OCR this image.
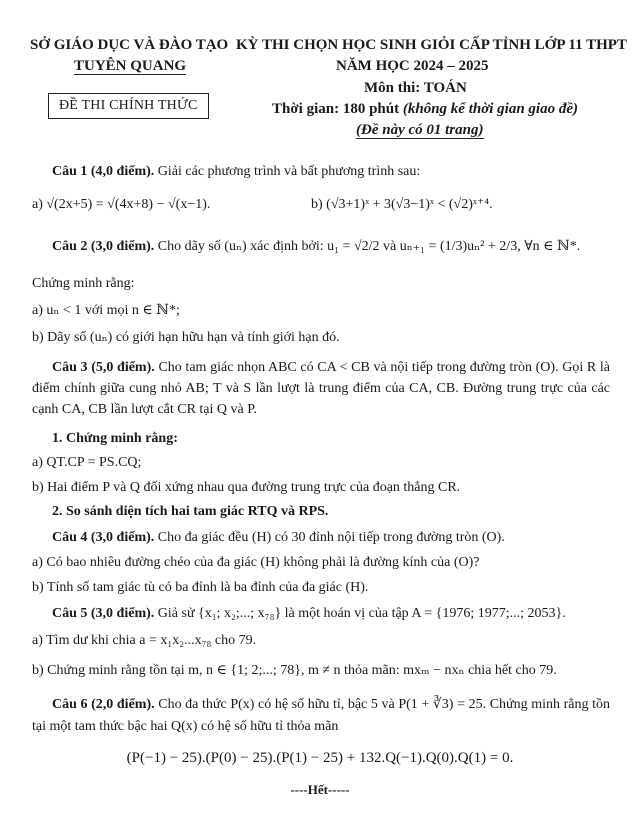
SỞ GIÁO DỤC VÀ ĐÀO TẠO
TUYÊN QUANG
ĐỀ THI CHÍNH THỨC
KỲ THI CHỌN HỌC SINH GIỎI CẤP TỈNH LỚP 11 THPT
NĂM HỌC 2024 – 2025
Môn thi: TOÁN
Thời gian: 180 phút (không kể thời gian giao đề)
(Đề này có 01 trang)
Câu 1 (4,0 điểm). Giải các phương trình và bất phương trình sau:
a) √(2x+5) = √(4x+8) − √(x−1).	b) (√3+1)ˣ + 3(√3−1)ˣ < (√2)ˣ⁺⁴.
Câu 2 (3,0 điểm). Cho dãy số (uₙ) xác định bởi: u₁ = √2/2 và uₙ₊₁ = (1/3)uₙ² + 2/3, ∀n ∈ ℕ*.
Chứng minh rằng:
a) uₙ < 1 với mọi n ∈ ℕ*;
b) Dãy số (uₙ) có giới hạn hữu hạn và tính giới hạn đó.
Câu 3 (5,0 điểm). Cho tam giác nhọn ABC có CA < CB và nội tiếp trong đường tròn (O). Gọi R là điểm chính giữa cung nhỏ AB; T và S lần lượt là trung điểm của CA, CB. Đường trung trực của các cạnh CA, CB lần lượt cắt CR tại Q và P.
1. Chứng minh rằng:
a) QT.CP = PS.CQ;
b) Hai điểm P và Q đối xứng nhau qua đường trung trực của đoạn thẳng CR.
2. So sánh diện tích hai tam giác RTQ và RPS.
Câu 4 (3,0 điểm). Cho đa giác đều (H) có 30 đỉnh nội tiếp trong đường tròn (O).
a) Có bao nhiêu đường chéo của đa giác (H) không phải là đường kính của (O)?
b) Tính số tam giác tù có ba đỉnh là ba đỉnh của đa giác (H).
Câu 5 (3,0 điểm). Giả sử {x₁; x₂;...; x₇₈} là một hoán vị của tập A = {1976; 1977;...; 2053}.
a) Tìm dư khi chia a = x₁x₂...x₇₈ cho 79.
b) Chứng minh rằng tồn tại m, n ∈ {1; 2;...; 78}, m ≠ n thỏa mãn: mxₘ − nxₙ chia hết cho 79.
Câu 6 (2,0 điểm). Cho đa thức P(x) có hệ số hữu tỉ, bậc 5 và P(1 + ∛3) = 25. Chứng minh rằng tồn tại một tam thức bậc hai Q(x) có hệ số hữu tỉ thỏa mãn
(P(−1) − 25).(P(0) − 25).(P(1) − 25) + 132.Q(−1).Q(0).Q(1) = 0.
----Hết-----
